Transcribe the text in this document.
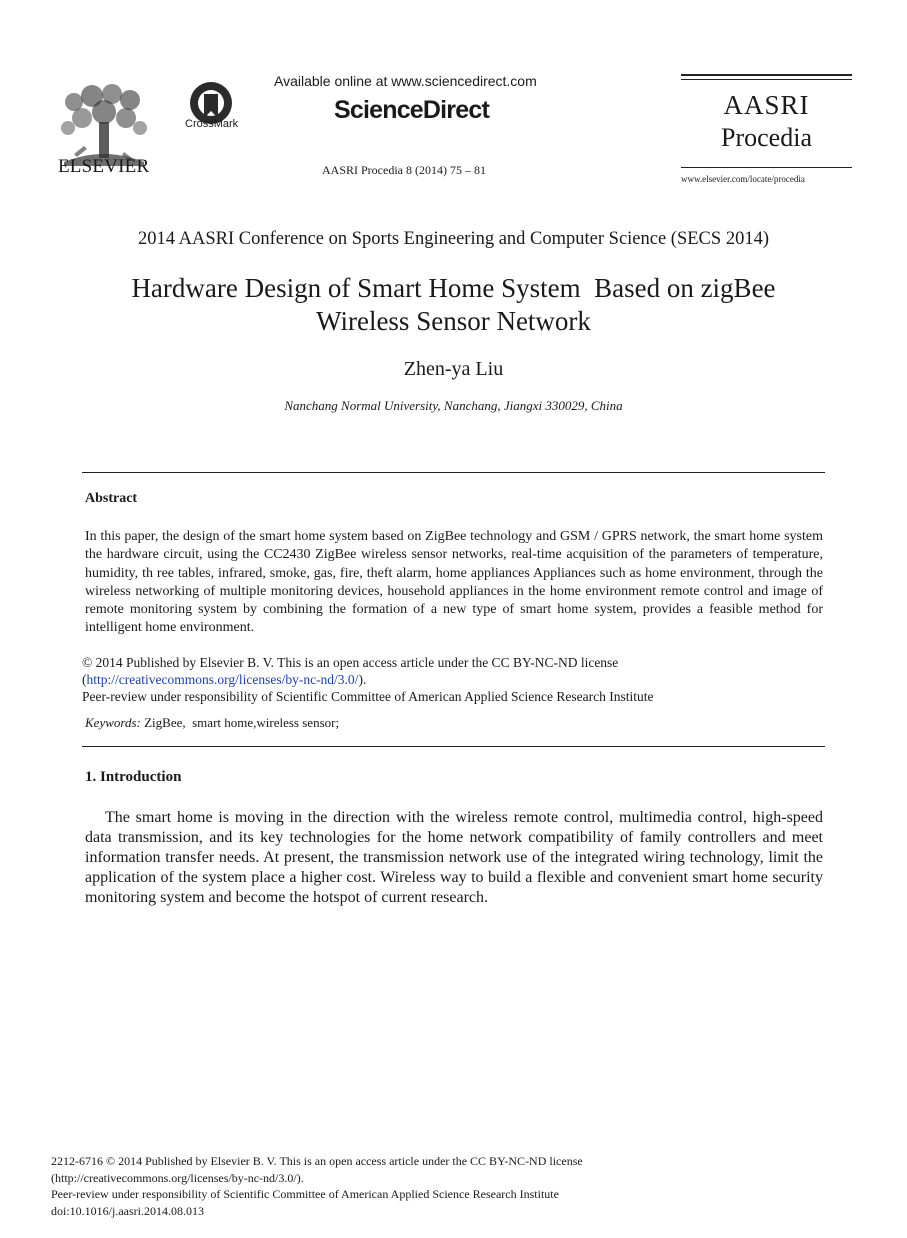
ELSEVIER
CrossMark
Available online at www.sciencedirect.com
ScienceDirect
AASRI Procedia 8 (2014) 75 – 81
AASRI
Procedia
www.elsevier.com/locate/procedia
2014 AASRI Conference on Sports Engineering and Computer Science (SECS 2014)
Hardware Design of Smart Home System  Based on zigBee
Wireless Sensor Network
Zhen-ya Liu
Nanchang Normal University, Nanchang, Jiangxi 330029, China
Abstract
In this paper, the design of the smart home system based on ZigBee technology and GSM / GPRS network, the smart home system the hardware circuit, using the CC2430 ZigBee wireless sensor networks, real-time acquisition of the parameters of temperature, humidity, th ree tables, infrared, smoke, gas, fire, theft alarm, home appliances Appliances such as home environment, through the wireless networking of multiple monitoring devices, household appliances in the home environment remote control and image of remote monitoring system by combining the formation of a new type of smart home system, provides a feasible method for intelligent home environment.
© 2014 Published by Elsevier B. V. This is an open access article under the CC BY-NC-ND license
(http://creativecommons.org/licenses/by-nc-nd/3.0/).
Peer-review under responsibility of Scientific Committee of American Applied Science Research Institute
Keywords: ZigBee,  smart home,wireless sensor;
1. Introduction
The smart home is moving in the direction with the wireless remote control, multimedia control, high-speed data transmission, and its key technologies for the home network compatibility of family controllers and meet information transfer needs. At present, the transmission network use of the integrated wiring technology, limit the application of the system place a higher cost. Wireless way to build a flexible and convenient smart home security monitoring system and become the hotspot of current research.
2212-6716 © 2014 Published by Elsevier B. V. This is an open access article under the CC BY-NC-ND license
(http://creativecommons.org/licenses/by-nc-nd/3.0/).
Peer-review under responsibility of Scientific Committee of American Applied Science Research Institute
doi:10.1016/j.aasri.2014.08.013
